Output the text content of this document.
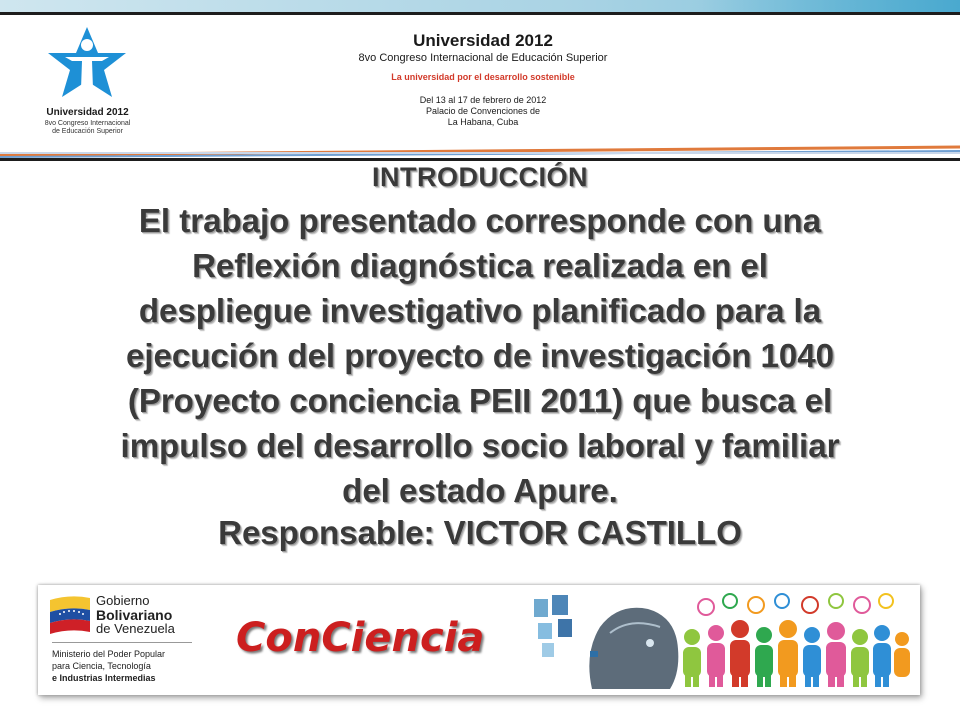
Universidad 2012
8vo Congreso Internacional
de Educación Superior
Universidad 2012
8vo Congreso Internacional de Educación Superior
La universidad por el desarrollo sostenible
Del 13 al 17 de febrero de 2012
Palacio de Convenciones de
La Habana, Cuba
INTRODUCCIÓN
El trabajo presentado corresponde con una
Reflexión diagnóstica realizada en el
despliegue investigativo planificado para la
ejecución del proyecto de investigación 1040
(Proyecto conciencia PEII 2011) que busca el
impulso del desarrollo socio laboral y familiar
del estado Apure.
Responsable: VICTOR CASTILLO
Gobierno
Bolivariano
de Venezuela
Ministerio del Poder Popular
para Ciencia, Tecnología
e Industrias Intermedias
ConCiencia
